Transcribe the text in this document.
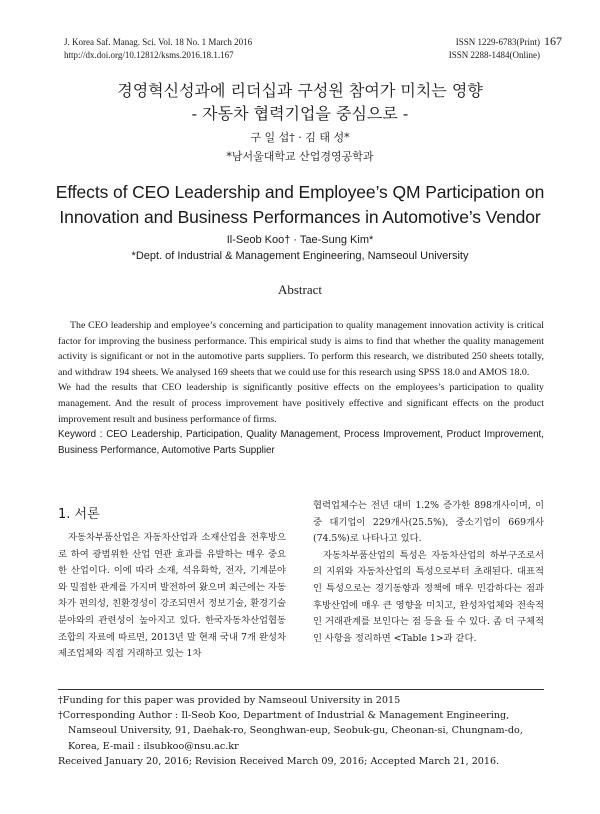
J. Korea Saf. Manag. Sci. Vol. 18 No. 1 March 2016
http://dx.doi.org/10.12812/ksms.2016.18.1.167
ISSN 1229-6783(Print)
ISSN 2288-1484(Online)
167
경영혁신성과에 리더십과 구성원 참여가 미치는 영향
- 자동차 협력기업을 중심으로 -
구 일 섭† · 김 태 성*
*남서울대학교 산업경영공학과
Effects of CEO Leadership and Employee’s QM Participation on
Innovation and Business Performances in Automotive’s Vendor
Il-Seob Koo† · Tae-Sung Kim*
*Dept. of Industrial & Management Engineering, Namseoul University
Abstract

The CEO leadership and employee’s concerning and participation to quality management innovation activity is critical factor for improving the business performance. This empirical study is aims to find that whether the quality management activity is significant or not in the automotive parts suppliers. To perform this research, we distributed 250 sheets totally, and withdraw 194 sheets. We analysed 169 sheets that we could use for this research using SPSS 18.0 and AMOS 18.0.

We had the results that CEO leadership is significantly positive effects on the employees’s participation to quality management. And the result of process improvement have positively effective and significant effects on the product improvement result and business performance of firms.

Keyword : CEO Leadership, Participation, Quality Management, Process Improvement, Product Improvement, Business Performance, Automotive Parts Supplier

1. 서론

자동차부품산업은 자동차산업과 소재산업을 전후방으로 하여 광범위한 산업 연관 효과를 유발하는 매우 중요한 산업이다. 이에 따라 소재, 석유화학, 전자, 기계분야와 밀접한 관계를 가지며 발전하여 왔으며 최근에는 자동차가 편의성, 친환경성이 강조되면서 정보기술, 환경기술 분야와의 관련성이 높아지고 있다. 한국자동차산업협동조합의 자료에 따르면, 2013년 말 현재 국내 7개 완성차 제조업체와 직접 거래하고 있는 1차

협력업체수는 전년 대비 1.2% 증가한 898개사이며, 이중 대기업이 229개사(25.5%), 중소기업이 669개사(74.5%)로 나타나고 있다.

자동차부품산업의 특성은 자동차산업의 하부구조로서의 지위와 자동차산업의 특성으로부터 초래된다. 대표적인 특성으로는 경기동향과 정책에 매우 민감하다는 점과 후방산업에 매우 큰 영향을 미치고, 완성차업체와 전속적인 거래관계를 보인다는 점 등을 들 수 있다. 좀 더 구체적인 사항을 정리하면 <Table 1>과 같다.

†Funding for this paper was provided by Namseoul University in 2015

†Corresponding Author : Il-Seob Koo, Department of Industrial & Management Engineering, Namseoul University, 91, Daehak-ro, Seonghwan-eup, Seobuk-gu, Cheonan-si, Chungnam-do, Korea, E-mail : ilsubkoo@nsu.ac.kr

Received January 20, 2016; Revision Received March 09, 2016; Accepted March 21, 2016.
